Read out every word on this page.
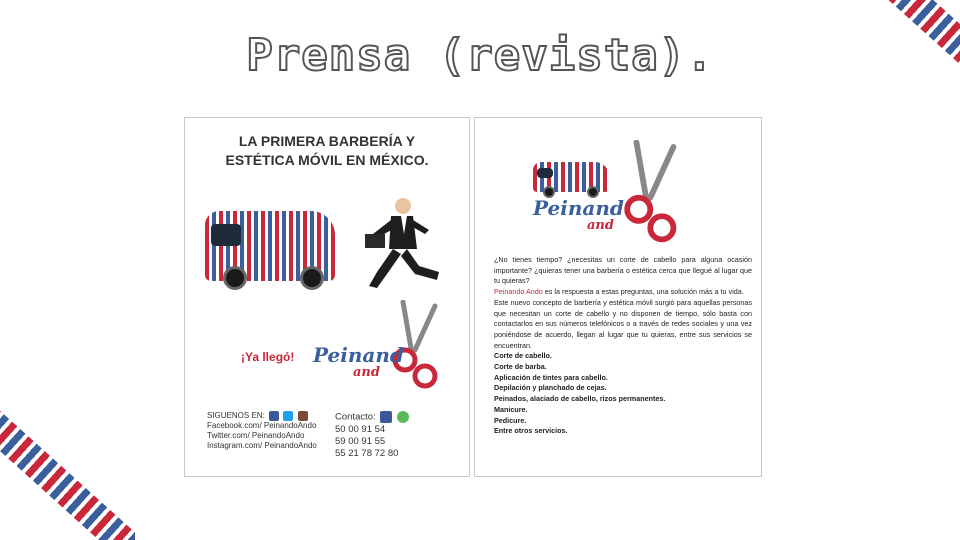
Prensa (revista).
LA PRIMERA BARBERÍA Y
ESTÉTICA MÓVIL EN MÉXICO.
¡Ya llegó! Peinand
and
SIGUENOS EN:
Facebook.com/ PeinandoAndo
Twitter.com/ PeinandoAndo
Instagram.com/ PeinandoAndo
Contacto:
50 00 91 54
59 00 91 55
55 21 78 72 80
Peinand
and

¿No tienes tiempo? ¿necesitas un corte de cabello para alguna ocasión importante? ¿quieras tener una barbería o estética cerca que llegué al lugar que tu quieras?

Peinando Ando es la respuesta a estas preguntas, una solución más a tu vida.

Este nuevo concepto de barbería y estética móvil surgió para aquellas personas que necesitan un corte de cabello y no disponen de tiempo, sólo basta con contactarlos en sus números telefónicos o a través de redes sociales y una vez poniéndose de acuerdo, llegan al lugar que tu quieras, entre sus servicios se encuentran.

Corte de cabello.

Corte de barba.

Aplicación de tintes para cabello.

Depilación y planchado de cejas.

Peinados, alaciado de cabello, rizos permanentes.

Manicure.

Pedicure.

Entre otros servicios.
